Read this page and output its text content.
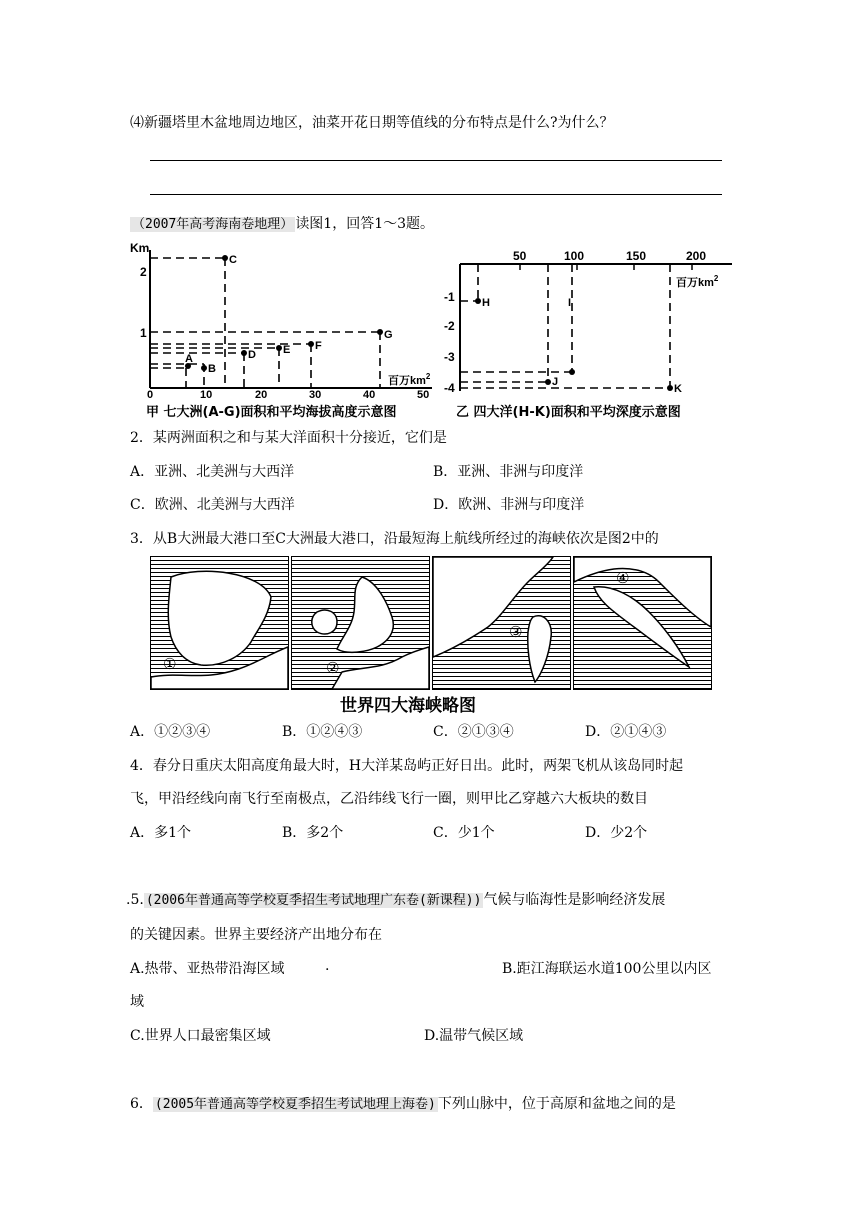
⑷新疆塔里木盆地周边地区，油菜开花日期等值线的分布特点是什么?为什么？
（2007年高考海南卷地理） 读图1，回答1～3题。
Km
2
1
0	10	20	30	40	50
C
G
F
E
D
B
A
百万$km^2$
甲 七大洲(A-G)面积和平均海拔高度示意图
50	100	150	200
-1
-2
-3
-4
H	I
J
K
百万$km^2$
乙 四大洋(H-K)面积和平均深度示意图
2．某两洲面积之和与某大洋面积十分接近，它们是
A．亚洲、北美洲与大西洋	B．亚洲、非洲与印度洋
C．欧洲、北美洲与大西洋	D．欧洲、非洲与印度洋
3．从B大洲最大港口至C大洲最大港口，沿最短海上航线所经过的海峡依次是图2中的
①	②
③
④
世界四大海峡略图
A．①②③④	B．①②④③	C．②①③④	D．②①④③
4．春分日重庆太阳高度角最大时，H大洋某岛屿正好日出。此时，两架飞机从该岛同时起
飞，甲沿经线向南飞行至南极点，乙沿纬线飞行一圈，则甲比乙穿越六大板块的数目
A．多1个	B．多2个	C．少1个	D．少2个
.5. (2006年普通高等学校夏季招生考试地理广东卷(新课程)) 气候与临海性是影响经济发展
的关键因素。世界主要经济产出地分布在
A.热带、亚热带沿海区域	.	B.距江海联运水道100公里以内区
域
C.世界人口最密集区域	D.温带气候区域
6． (2005年普通高等学校夏季招生考试地理上海卷) 下列山脉中，位于高原和盆地之间的是
